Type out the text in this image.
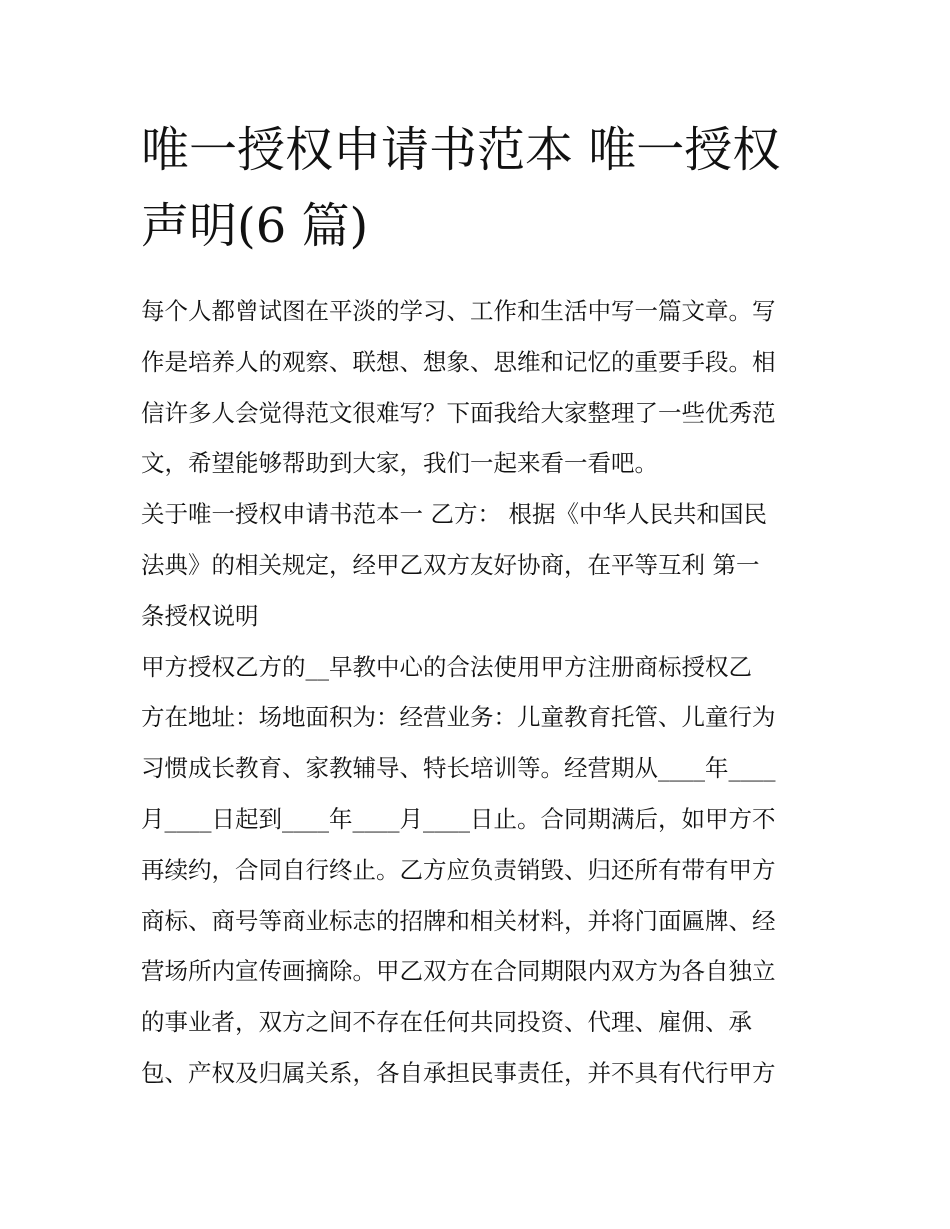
唯一授权申请书范本 唯一授权
声明(6 篇)
每个人都曾试图在平淡的学习、工作和生活中写一篇文章。写
作是培养人的观察、联想、想象、思维和记忆的重要手段。相
信许多人会觉得范文很难写？下面我给大家整理了一些优秀范
文，希望能够帮助到大家，我们一起来看一看吧。
关于唯一授权申请书范本一 乙方： 根据《中华人民共和国民
法典》的相关规定，经甲乙双方友好协商，在平等互利 第一
条授权说明
甲方授权乙方的__早教中心的合法使用甲方注册商标授权乙
方在地址：场地面积为：经营业务：儿童教育托管、儿童行为
习惯成长教育、家教辅导、特长培训等。经营期从____年____
月____日起到____年____月____日止。合同期满后，如甲方不
再续约，合同自行终止。乙方应负责销毁、归还所有带有甲方
商标、商号等商业标志的招牌和相关材料，并将门面匾牌、经
营场所内宣传画摘除。甲乙双方在合同期限内双方为各自独立
的事业者，双方之间不存在任何共同投资、代理、雇佣、承
包、产权及归属关系，各自承担民事责任，并不具有代行甲方
